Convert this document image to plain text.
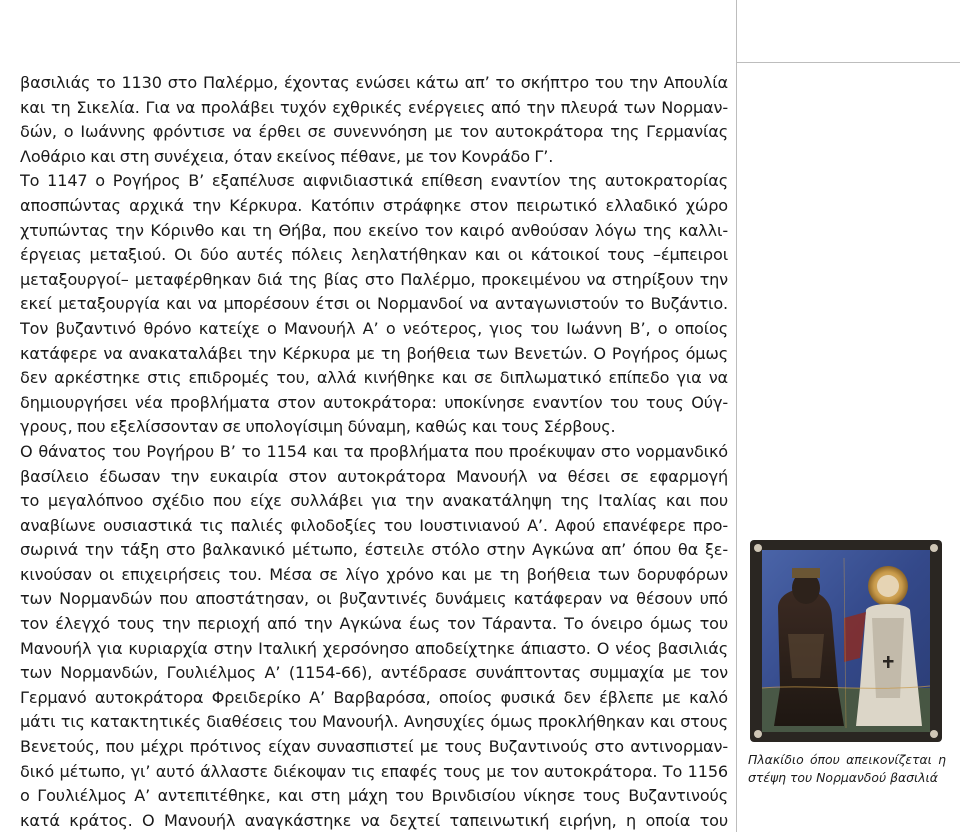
βασιλιάς το 1130 στο Παλέρμο, έχοντας ενώσει κάτω απ’ το σκήπτρο του την Απουλία
και τη Σικελία. Για να προλάβει τυχόν εχθρικές ενέργειες από την πλευρά των Νορμαν-
δών, ο Ιωάννης φρόντισε να έρθει σε συνεννόηση με τον αυτοκράτορα της Γερμανίας
Λοθάριο και στη συνέχεια, όταν εκείνος πέθανε, με τον Κονράδο Γ’.
Το 1147 ο Ρογήρος Β’ εξαπέλυσε αιφνιδιαστικά επίθεση εναντίον της αυτοκρατορίας
αποσπώντας αρχικά την Κέρκυρα. Κατόπιν στράφηκε στον πειρωτικό ελλαδικό χώρο
χτυπώντας την Κόρινθο και τη Θήβα, που εκείνο τον καιρό ανθούσαν λόγω της καλλι-
έργειας μεταξιού. Οι δύο αυτές πόλεις λεηλατήθηκαν και οι κάτοικοί τους –έμπειροι
μεταξουργοί– μεταφέρθηκαν διά της βίας στο Παλέρμο, προκειμένου να στηρίξουν την
εκεί μεταξουργία και να μπορέσουν έτσι οι Νορμανδοί να ανταγωνιστούν το Βυζάντιο.
Τον βυζαντινό θρόνο κατείχε ο Μανουήλ Α’ ο νεότερος, γιος του Ιωάννη Β’, ο οποίος
κατάφερε να ανακαταλάβει την Κέρκυρα με τη βοήθεια των Βενετών. Ο Ρογήρος όμως
δεν αρκέστηκε στις επιδρομές του, αλλά κινήθηκε και σε διπλωματικό επίπεδο για να
δημιουργήσει νέα προβλήματα στον αυτοκράτορα: υποκίνησε εναντίον του τους Ούγ-
γρους, που εξελίσσονταν σε υπολογίσιμη δύναμη, καθώς και τους Σέρβους.
Ο θάνατος του Ρογήρου Β’ το 1154 και τα προβλήματα που προέκυψαν στο νορμανδικό
βασίλειο έδωσαν την ευκαιρία στον αυτοκράτορα Μανουήλ να θέσει σε εφαρμογή
το μεγαλόπνοο σχέδιο που είχε συλλάβει για την ανακατάληψη της Ιταλίας και που
αναβίωνε ουσιαστικά τις παλιές φιλοδοξίες του Ιουστινιανού Α’. Αφού επανέφερε προ-
σωρινά την τάξη στο βαλκανικό μέτωπο, έστειλε στόλο στην Αγκώνα απ’ όπου θα ξε-
κινούσαν οι επιχειρήσεις του. Μέσα σε λίγο χρόνο και με τη βοήθεια των δορυφόρων
των Νορμανδών που αποστάτησαν, οι βυζαντινές δυνάμεις κατάφεραν να θέσουν υπό
τον έλεγχό τους την περιοχή από την Αγκώνα έως τον Τάραντα. Το όνειρο όμως του
Μανουήλ για κυριαρχία στην Ιταλική χερσόνησο αποδείχτηκε άπιαστο. Ο νέος βασιλιάς
των Νορμανδών, Γουλιέλμος Α’ (1154-66), αντέδρασε συνάπτοντας συμμαχία με τον
Γερμανό αυτοκράτορα Φρειδερίκο Α’ Βαρβαρόσα, οποίος φυσικά δεν έβλεπε με καλό
μάτι τις κατακτητικές διαθέσεις του Μανουήλ. Ανησυχίες όμως προκλήθηκαν και στους
Βενετούς, που μέχρι πρότινος είχαν συνασπιστεί με τους Βυζαντινούς στο αντινορμαν-
δικό μέτωπο, γι’ αυτό άλλαστε διέκοψαν τις επαφές τους με τον αυτοκράτορα. Το 1156
ο Γουλιέλμος Α’ αντεπιτέθηκε, και στη μάχη του Βρινδισίου νίκησε τους Βυζαντινούς
κατά κράτος. Ο Μανουήλ αναγκάστηκε να δεχτεί ταπεινωτική ειρήνη, η οποία του
Πλακίδιο όπου απεικονίζεται η
στέψη του Νορμανδού βασιλιά
